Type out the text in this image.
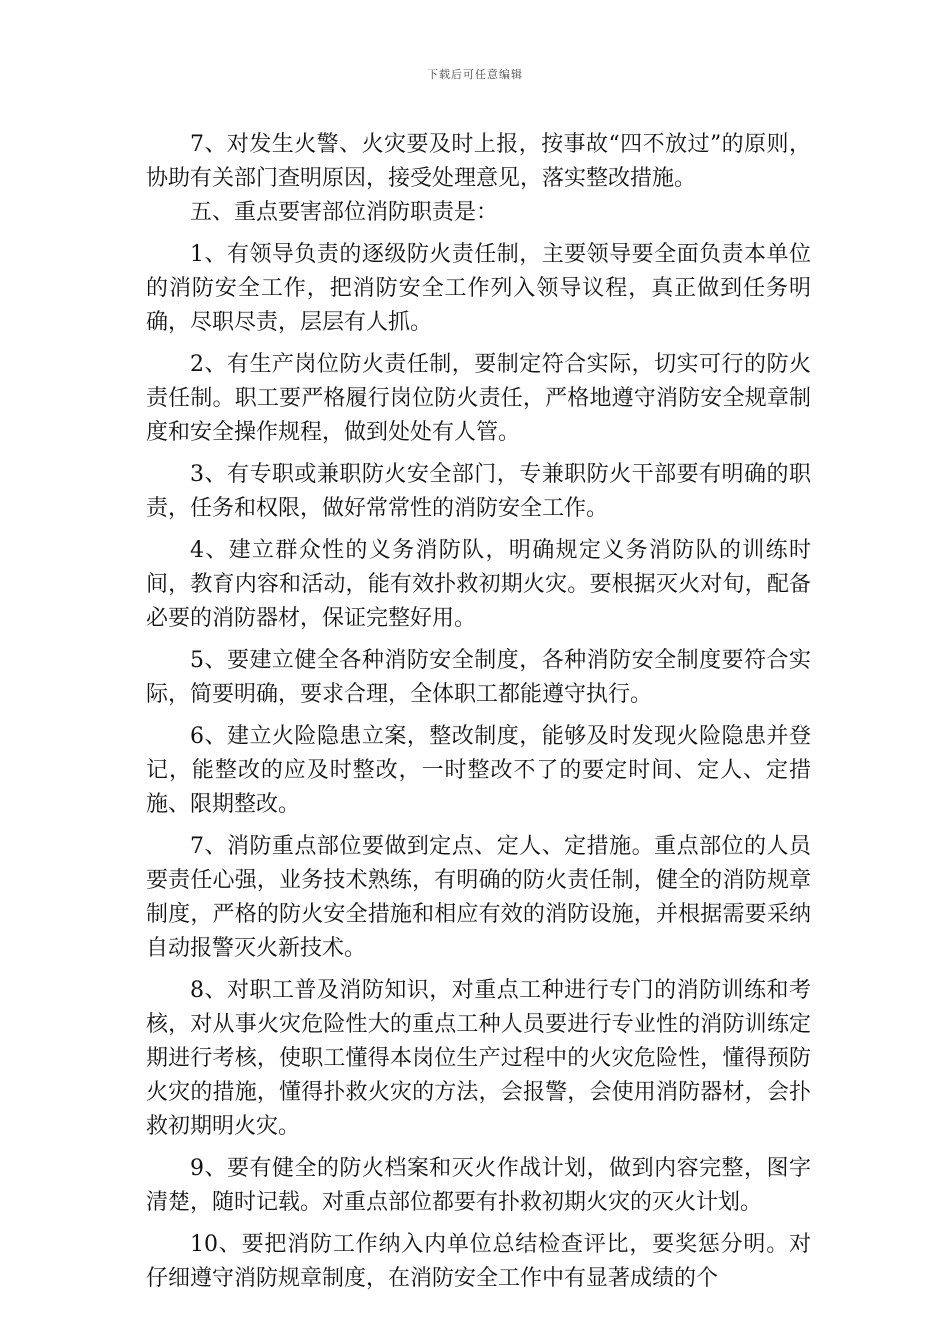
下载后可任意编辑

7、对发生火警、火灾要及时上报，按事故“四不放过”的原则，协助有关部门查明原因，接受处理意见，落实整改措施。

五、重点要害部位消防职责是：

1、有领导负责的逐级防火责任制，主要领导要全面负责本单位的消防安全工作，把消防安全工作列入领导议程，真正做到任务明确，尽职尽责，层层有人抓。

2、有生产岗位防火责任制，要制定符合实际，切实可行的防火责任制。职工要严格履行岗位防火责任，严格地遵守消防安全规章制度和安全操作规程，做到处处有人管。

3、有专职或兼职防火安全部门，专兼职防火干部要有明确的职责，任务和权限，做好常常性的消防安全工作。

4、建立群众性的义务消防队，明确规定义务消防队的训练时间，教育内容和活动，能有效扑救初期火灾。要根据灭火对旬，配备必要的消防器材，保证完整好用。

5、要建立健全各种消防安全制度，各种消防安全制度要符合实际，简要明确，要求合理，全体职工都能遵守执行。

6、建立火险隐患立案，整改制度，能够及时发现火险隐患并登记，能整改的应及时整改，一时整改不了的要定时间、定人、定措施、限期整改。

7、消防重点部位要做到定点、定人、定措施。重点部位的人员要责任心强，业务技术熟练，有明确的防火责任制，健全的消防规章制度，严格的防火安全措施和相应有效的消防设施，并根据需要采纳自动报警灭火新技术。

8、对职工普及消防知识，对重点工种进行专门的消防训练和考核，对从事火灾危险性大的重点工种人员要进行专业性的消防训练定期进行考核，使职工懂得本岗位生产过程中的火灾危险性，懂得预防火灾的措施，懂得扑救火灾的方法，会报警，会使用消防器材，会扑救初期明火灾。

9、要有健全的防火档案和灭火作战计划，做到内容完整，图字清楚，随时记载。对重点部位都要有扑救初期火灾的灭火计划。

10、要把消防工作纳入内单位总结检查评比，要奖惩分明。对仔细遵守消防规章制度，在消防安全工作中有显著成绩的个
